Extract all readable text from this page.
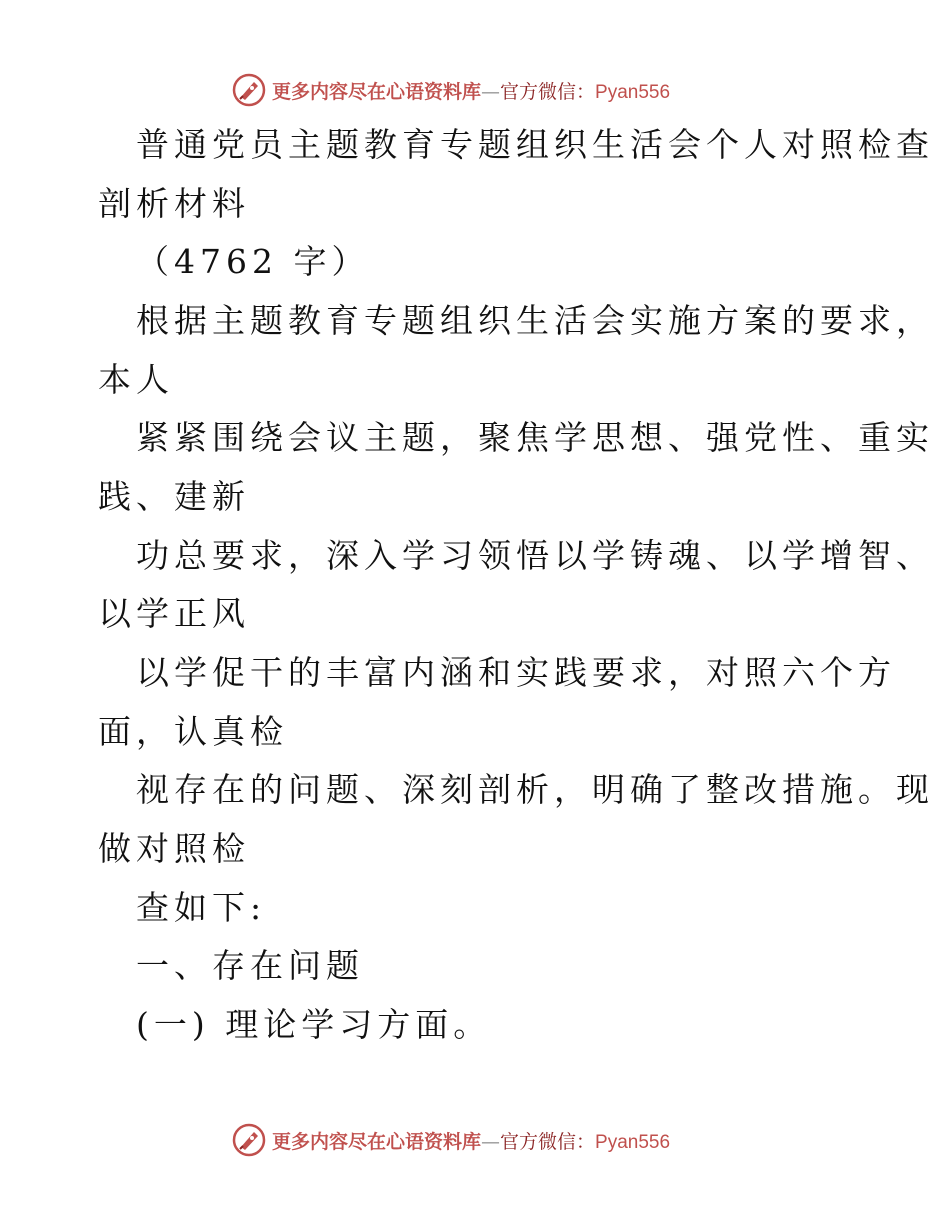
更多内容尽在心语资料库—官方微信：Pyan556
普通党员主题教育专题组织生活会个人对照检查
剖析材料
（4762 字）
根据主题教育专题组织生活会实施方案的要求，
本人
紧紧围绕会议主题，聚焦学思想、强党性、重实
践、建新
功总要求，深入学习领悟以学铸魂、以学增智、
以学正风
以学促干的丰富内涵和实践要求，对照六个方
面，认真检
视存在的问题、深刻剖析，明确了整改措施。现
做对照检
查如下:
一、存在问题
(一) 理论学习方面。
更多内容尽在心语资料库—官方微信：Pyan556
